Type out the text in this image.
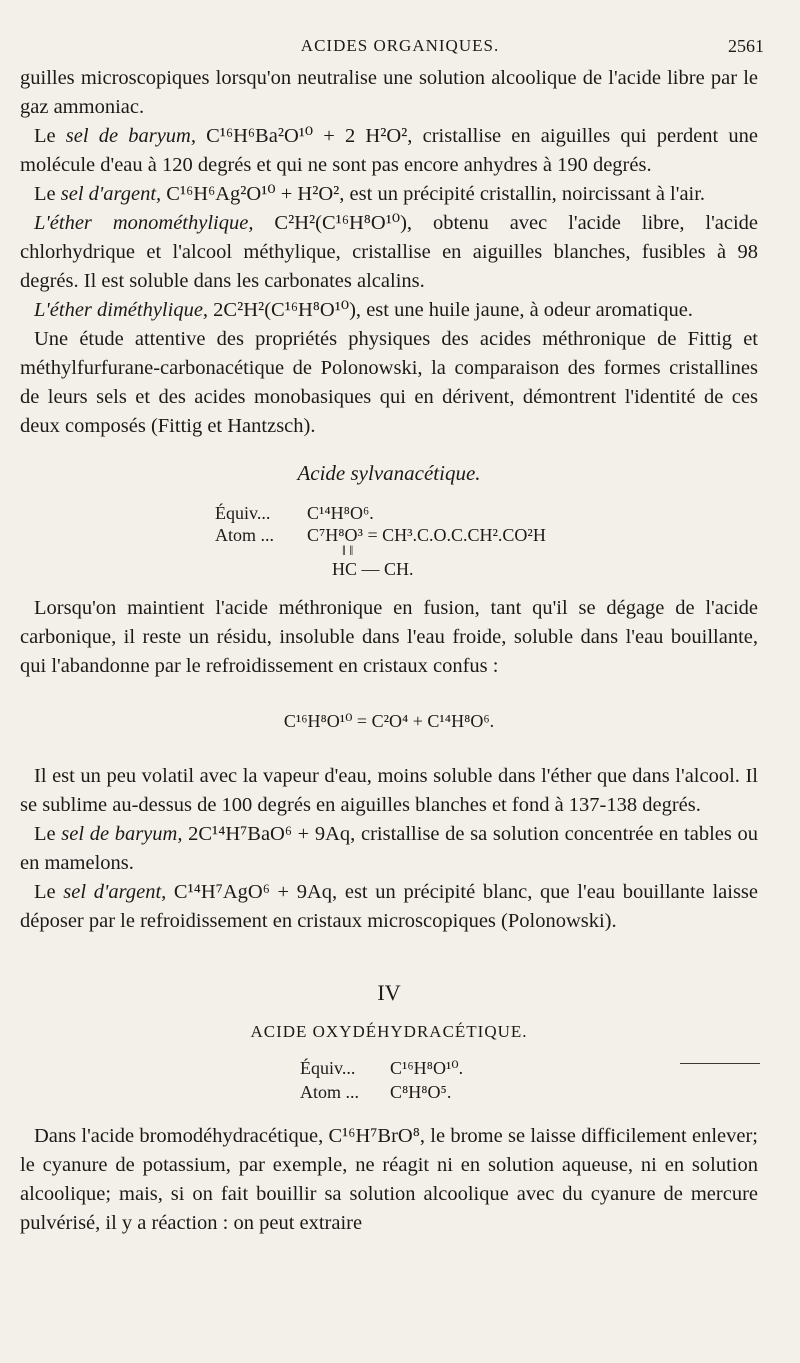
ACIDES ORGANIQUES.	2561

guilles microscopiques lorsqu'on neutralise une solution alcoolique de l'acide libre par le gaz ammoniac.

Le sel de baryum, C¹⁶H⁶Ba²O¹⁰ + 2 H²O², cristallise en aiguilles qui perdent une molécule d'eau à 120 degrés et qui ne sont pas encore anhydres à 190 degrés.

Le sel d'argent, C¹⁶H⁶Ag²O¹⁰ + H²O², est un précipité cristallin, noircissant à l'air.

L'éther monométhylique, C²H²(C¹⁶H⁸O¹⁰), obtenu avec l'acide libre, l'acide chlorhydrique et l'alcool méthylique, cristallise en aiguilles blanches, fusibles à 98 degrés. Il est soluble dans les carbonates alcalins.

L'éther diméthylique, 2C²H²(C¹⁶H⁸O¹⁰), est une huile jaune, à odeur aromatique.

Une étude attentive des propriétés physiques des acides méthronique de Fittig et méthylfurfurane-carbonacétique de Polonowski, la comparaison des formes cristallines de leurs sels et des acides monobasiques qui en dérivent, démontrent l'identité de ces deux composés (Fittig et Hantzsch).

Acide sylvanacétique.
Équiv... C¹⁴H⁸O⁶.
Atom ... C⁷H⁸O³ = CH³.C.O.C.CH².CO²H
‖ ‖
HC — CH.

Lorsqu'on maintient l'acide méthronique en fusion, tant qu'il se dégage de l'acide carbonique, il reste un résidu, insoluble dans l'eau froide, soluble dans l'eau bouillante, qui l'abandonne par le refroidissement en cristaux confus :

C¹⁶H⁸O¹⁰ = C²O⁴ + C¹⁴H⁸O⁶.

Il est un peu volatil avec la vapeur d'eau, moins soluble dans l'éther que dans l'alcool. Il se sublime au-dessus de 100 degrés en aiguilles blanches et fond à 137-138 degrés.

Le sel de baryum, 2C¹⁴H⁷BaO⁶ + 9Aq, cristallise de sa solution concentrée en tables ou en mamelons.

Le sel d'argent, C¹⁴H⁷AgO⁶ + 9Aq, est un précipité blanc, que l'eau bouillante laisse déposer par le refroidissement en cristaux microscopiques (Polonowski).

IV
ACIDE OXYDÉHYDRACÉTIQUE.
Équiv... C¹⁶H⁸O¹⁰.
Atom ... C⁸H⁸O⁵.

Dans l'acide bromodéhydracétique, C¹⁶H⁷BrO⁸, le brome se laisse difficilement enlever; le cyanure de potassium, par exemple, ne réagit ni en solution aqueuse, ni en solution alcoolique; mais, si on fait bouillir sa solution alcoolique avec du cyanure de mercure pulvérisé, il y a réaction : on peut extraire
